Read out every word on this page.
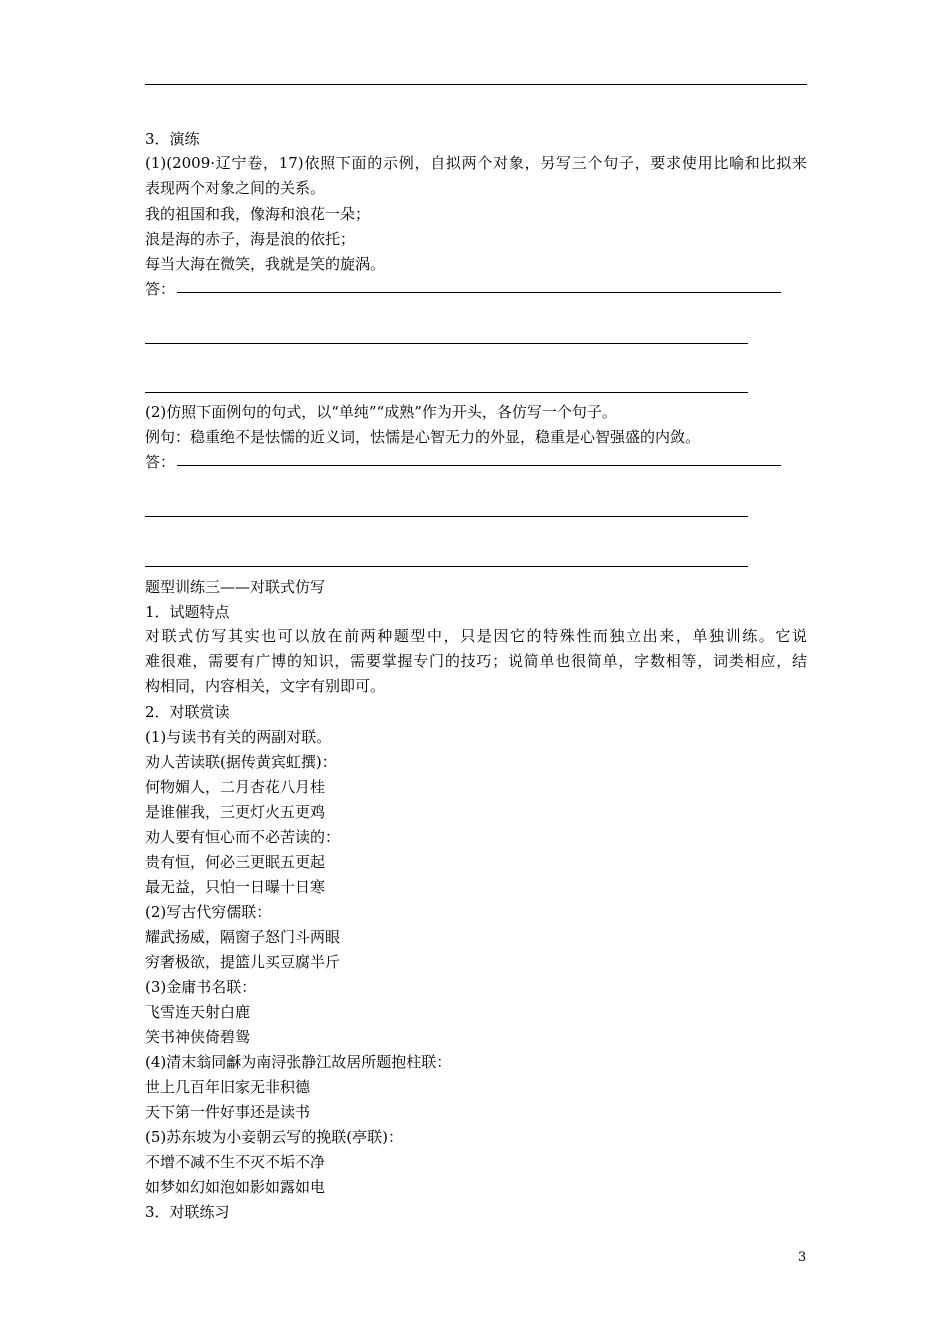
3．演练
(1)(2009·辽宁卷，17)依照下面的示例，自拟两个对象，另写三个句子，要求使用比喻和比拟来
表现两个对象之间的关系。
我的祖国和我，像海和浪花一朵；
浪是海的赤子，海是浪的依托；
每当大海在微笑，我就是笑的旋涡。
答：
(2)仿照下面例句的句式，以“单纯”“成熟”作为开头，各仿写一个句子。
例句：稳重绝不是怯懦的近义词，怯懦是心智无力的外显，稳重是心智强盛的内敛。
答：
题型训练三——对联式仿写
1．试题特点
对联式仿写其实也可以放在前两种题型中，只是因它的特殊性而独立出来，单独训练。它说
难很难，需要有广博的知识，需要掌握专门的技巧；说简单也很简单，字数相等，词类相应，结
构相同，内容相关，文字有别即可。
2．对联赏读
(1)与读书有关的两副对联。
劝人苦读联(据传黄宾虹撰)：
何物媚人，二月杏花八月桂
是谁催我，三更灯火五更鸡
劝人要有恒心而不必苦读的：
贵有恒，何必三更眠五更起
最无益，只怕一日曝十日寒
(2)写古代穷儒联：
耀武扬威，隔窗子怒门斗两眼
穷奢极欲，提篮儿买豆腐半斤
(3)金庸书名联：
飞雪连天射白鹿
笑书神侠倚碧鸳
(4)清末翁同龢为南浔张静江故居所题抱柱联：
世上几百年旧家无非积德
天下第一件好事还是读书
(5)苏东坡为小妾朝云写的挽联(亭联)：
不增不减不生不灭不垢不净
如梦如幻如泡如影如露如电
3．对联练习
3
